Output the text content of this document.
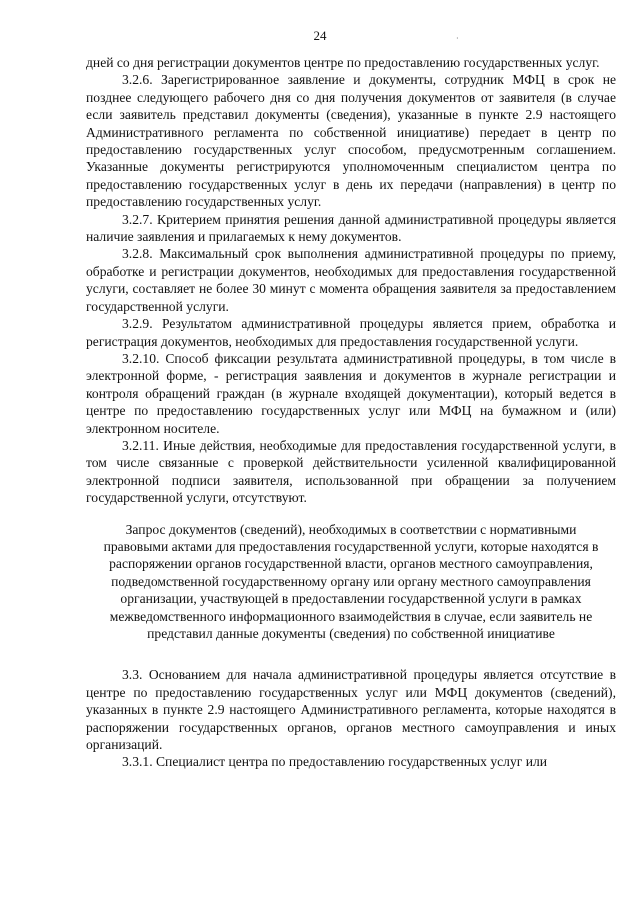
24	·

дней со дня регистрации документов центре по предоставлению государственных услуг.

3.2.6. Зарегистрированное заявление и документы, сотрудник МФЦ в срок не позднее следующего рабочего дня со дня получения документов от заявителя (в случае если заявитель представил документы (сведения), указанные в пункте 2.9 настоящего Административного регламента по собственной инициативе) передает в центр по предоставлению государственных услуг способом, предусмотренным соглашением. Указанные документы регистрируются уполномоченным специалистом центра по предоставлению государственных услуг в день их передачи (направления) в центр по предоставлению государственных услуг.

3.2.7. Критерием принятия решения данной административной процедуры является наличие заявления и прилагаемых к нему документов.

3.2.8. Максимальный срок выполнения административной процедуры по приему, обработке и регистрации документов, необходимых для предоставления государственной услуги, составляет не более 30 минут с момента обращения заявителя за предоставлением государственной услуги.

3.2.9. Результатом административной процедуры является прием, обработка и регистрация документов, необходимых для предоставления государственной услуги.

3.2.10. Способ фиксации результата административной процедуры, в том числе в электронной форме, - регистрация заявления и документов в журнале регистрации и контроля обращений граждан (в журнале входящей документации), который ведется в центре по предоставлению государственных услуг или МФЦ на бумажном и (или) электронном носителе.

3.2.11. Иные действия, необходимые для предоставления государственной услуги, в том числе связанные с проверкой действительности усиленной квалифицированной электронной подписи заявителя, использованной при обращении за получением государственной услуги, отсутствуют.

Запрос документов (сведений), необходимых в соответствии с нормативными правовыми актами для предоставления государственной услуги, которые находятся в распоряжении органов государственной власти, органов местного самоуправления, подведомственной государственному органу или органу местного самоуправления организации, участвующей в предоставлении государственной услуги в рамках межведомственного информационного взаимодействия в случае, если заявитель не представил данные документы (сведения) по собственной инициативе

3.3. Основанием для начала административной процедуры является отсутствие в центре по предоставлению государственных услуг или МФЦ документов (сведений), указанных в пункте 2.9 настоящего Административного регламента, которые находятся в распоряжении государственных органов, органов местного самоуправления и иных организаций.

3.3.1. Специалист центра по предоставлению государственных услуг или
